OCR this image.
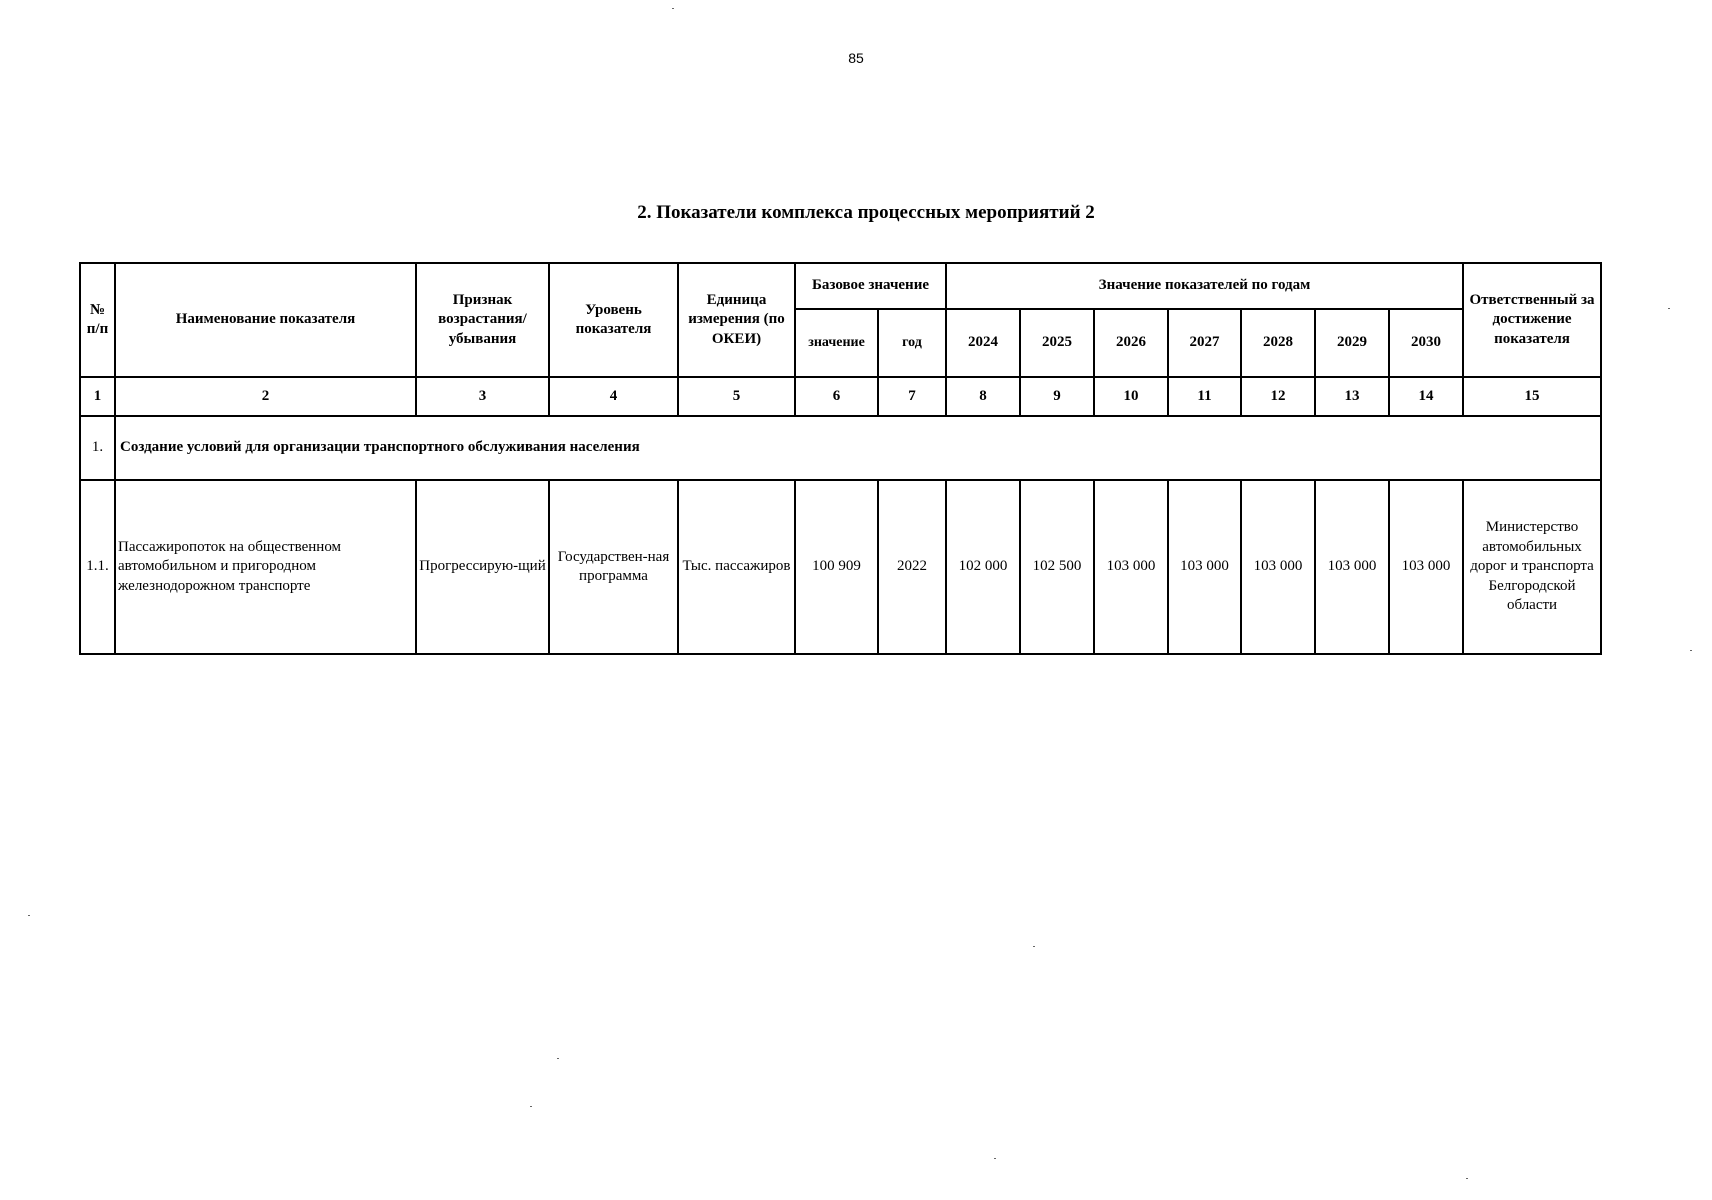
85
2. Показатели комплекса процессных мероприятий 2
№ п/п	Наименование показателя	Признак возрастания/ убывания	Уровень показателя	Единица измерения (по ОКЕИ)	Базовое значение		Значение показателей по годам							Ответственный за достижение показателя
					значение	год	2024	2025	2026	2027	2028	2029	2030	
1	2	3	4	5	6	7	8	9	10	11	12	13	14	15
1.	Создание условий для организации транспортного обслуживания населения													
1.1.	Пассажиропоток на общественном автомобильном и пригородном железнодорожном транспорте	Прогрессирую-щий	Государствен-ная программа	Тыс. пассажиров	100 909	2022	102 000	102 500	103 000	103 000	103 000	103 000	103 000	Министерство автомобильных дорог и транспорта Белгородской области
